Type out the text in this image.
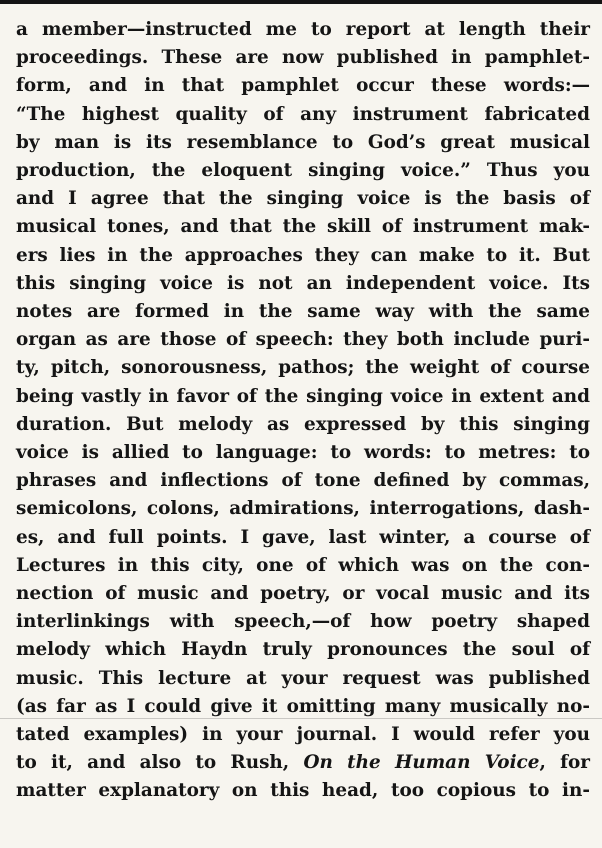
a member—instructed me to report at length their
proceedings. These are now published in pamphlet-
form, and in that pamphlet occur these words:—
“The highest quality of any instrument fabricated
by man is its resemblance to God’s great musical
production, the eloquent singing voice.” Thus you
and I agree that the singing voice is the basis of
musical tones, and that the skill of instrument mak-
ers lies in the approaches they can make to it. But
this singing voice is not an independent voice. Its
notes are formed in the same way with the same
organ as are those of speech: they both include puri-
ty, pitch, sonorousness, pathos; the weight of course
being vastly in favor of the singing voice in extent and
duration. But melody as expressed by this singing
voice is allied to language: to words: to metres: to
phrases and inflections of tone defined by commas,
semicolons, colons, admirations, interrogations, dash-
es, and full points. I gave, last winter, a course of
Lectures in this city, one of which was on the con-
nection of music and poetry, or vocal music and its
interlinkings with speech,—of how poetry shaped
melody which Haydn truly pronounces the soul of
music. This lecture at your request was published
(as far as I could give it omitting many musically no-
tated examples) in your journal. I would refer you
to it, and also to Rush, On the Human Voice, for
matter explanatory on this head, too copious to in-
